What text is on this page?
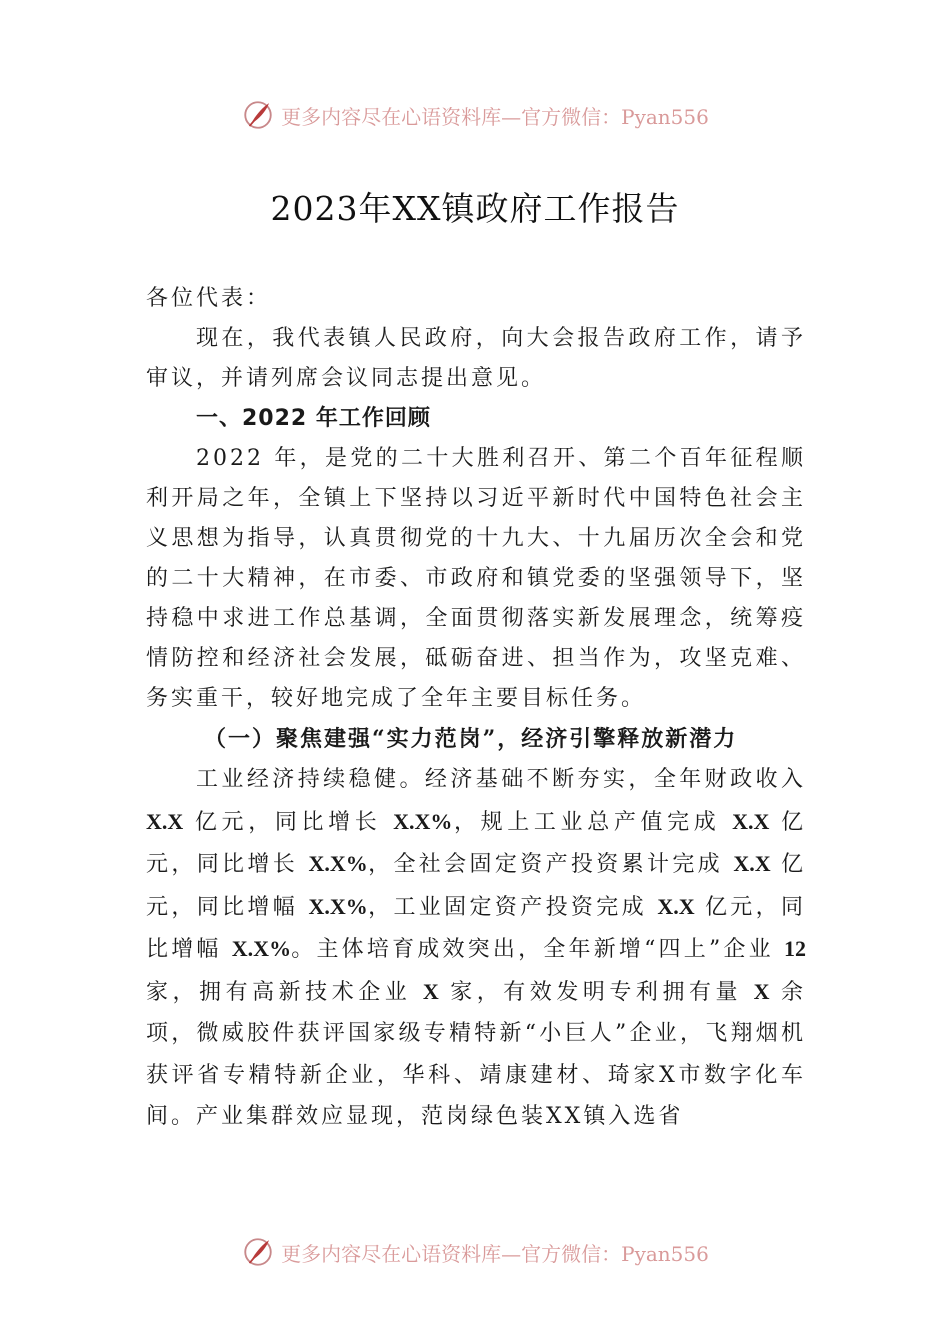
更多内容尽在心语资料库—官方微信：Pyan556
2023年XX镇政府工作报告

各位代表：

现在，我代表镇人民政府，向大会报告政府工作，请予审议，并请列席会议同志提出意见。

一、2022 年工作回顾

2022 年，是党的二十大胜利召开、第二个百年征程顺利开局之年，全镇上下坚持以习近平新时代中国特色社会主义思想为指导，认真贯彻党的十九大、十九届历次全会和党的二十大精神，在市委、市政府和镇党委的坚强领导下，坚持稳中求进工作总基调，全面贯彻落实新发展理念，统筹疫情防控和经济社会发展，砥砺奋进、担当作为，攻坚克难、务实重干，较好地完成了全年主要目标任务。

（一）聚焦建强“实力范岗”，经济引擎释放新潜力

工业经济持续稳健。经济基础不断夯实，全年财政收入 X.X 亿元，同比增长 X.X%，规上工业总产值完成 X.X 亿元，同比增长 X.X%，全社会固定资产投资累计完成 X.X 亿元，同比增幅 X.X%，工业固定资产投资完成 X.X 亿元，同比增幅 X.X%。主体培育成效突出，全年新增“四上”企业 12 家，拥有高新技术企业 X 家，有效发明专利拥有量 X 余项，微威胶件获评国家级专精特新“小巨人”企业，飞翔烟机获评省专精特新企业，华科、靖康建材、琦家X市数字化车间。产业集群效应显现，范岗绿色装XX镇入选省

更多内容尽在心语资料库—官方微信：Pyan556
